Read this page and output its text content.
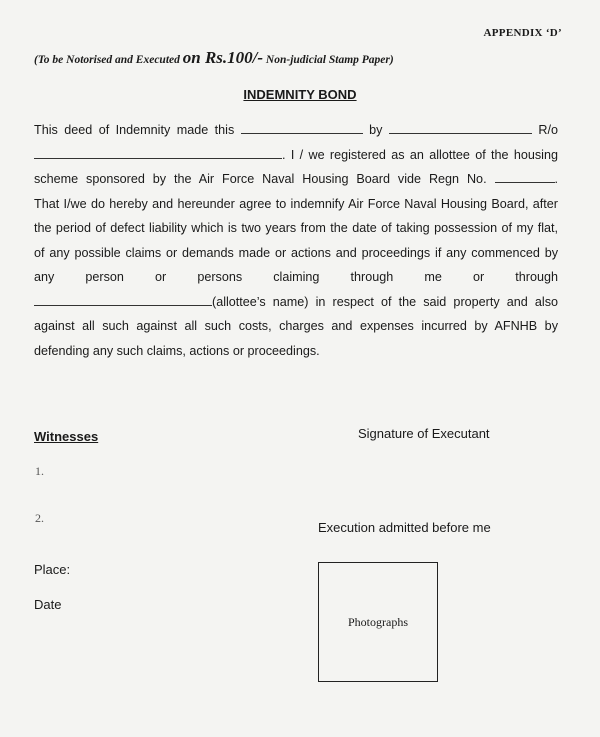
APPENDIX ‘D’
(To be Notorised and Executed on Rs.100/- Non-judicial Stamp Paper)
INDEMNITY BOND

This deed of Indemnity made this	by	R/o

. I / we registered as an allottee of the housing

scheme sponsored by the Air Force Naval Housing Board vide Regn No.	.

That I/we do hereby and hereunder agree to indemnify Air Force Naval Housing Board, after

the period of defect liability which is two years from the date of taking possession of my flat,

of any possible claims or demands made or actions and proceedings if any commenced by

any person or persons claiming through me or through

(allottee’s name) in respect of the said property and also

against all such against all such costs, charges and expenses incurred by AFNHB by

defending any such claims, actions or proceedings.

Witnesses	Signature of Executant
1.
2.
Execution admitted before me
Place:
Date
Photographs
